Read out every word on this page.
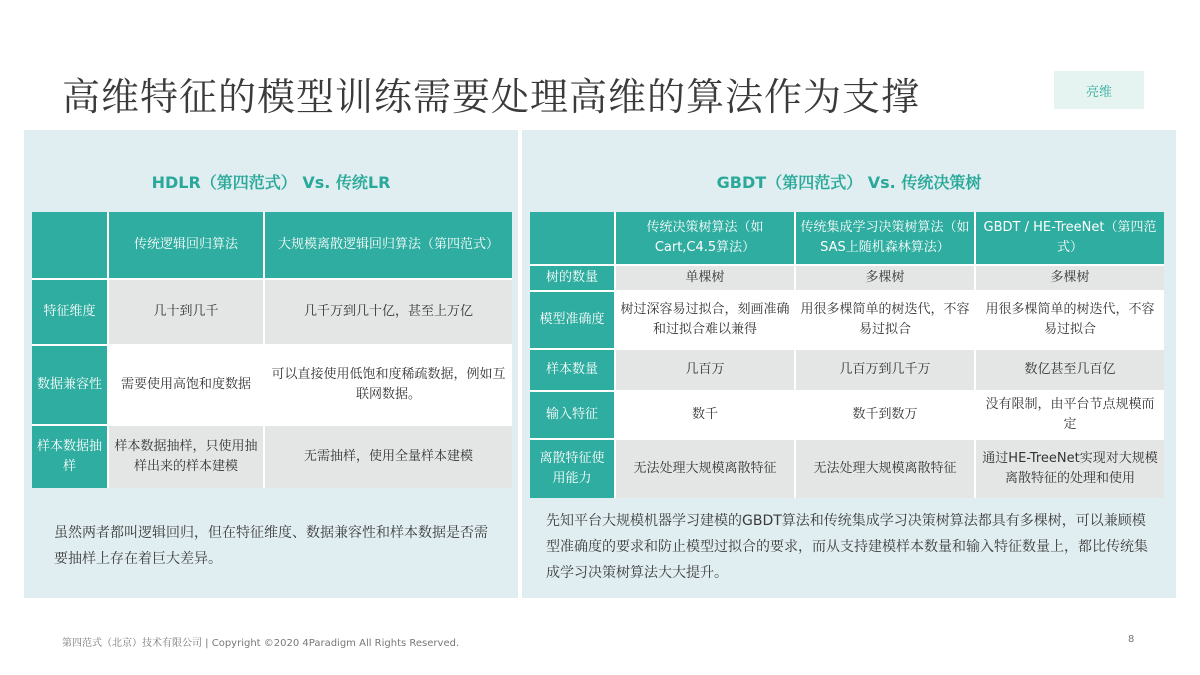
高维特征的模型训练需要处理高维的算法作为支撑	亮维
HDLR（第四范式） Vs. 传统LR
	传统逻辑回归算法	大规模离散逻辑回归算法（第四范式）
特征维度	几十到几千	几千万到几十亿，甚至上万亿
数据兼容性	需要使用高饱和度数据	可以直接使用低饱和度稀疏数据，例如互联网数据。
样本数据抽样	样本数据抽样，只使用抽样出来的样本建模	无需抽样，使用全量样本建模
虽然两者都叫逻辑回归，但在特征维度、数据兼容性和样本数据是否需要抽样上存在着巨大差异。
GBDT（第四范式） Vs. 传统决策树
	传统决策树算法（如Cart,C4.5算法）	传统集成学习决策树算法（如SAS上随机森林算法）	GBDT / HE-TreeNet（第四范式）
树的数量	单棵树	多棵树	多棵树
模型准确度	树过深容易过拟合，刻画准确和过拟合难以兼得	用很多棵简单的树迭代，不容易过拟合	用很多棵简单的树迭代，不容易过拟合
样本数量	几百万	几百万到几千万	数亿甚至几百亿
输入特征	数千	数千到数万	没有限制，由平台节点规模而定
离散特征使用能力	无法处理大规模离散特征	无法处理大规模离散特征	通过HE-TreeNet实现对大规模离散特征的处理和使用
先知平台大规模机器学习建模的GBDT算法和传统集成学习决策树算法都具有多棵树，可以兼顾模型准确度的要求和防止模型过拟合的要求，而从支持建模样本数量和输入特征数量上，都比传统集成学习决策树算法大大提升。
第四范式（北京）技术有限公司 | Copyright ©2020 4Paradigm All Rights Reserved.	8
